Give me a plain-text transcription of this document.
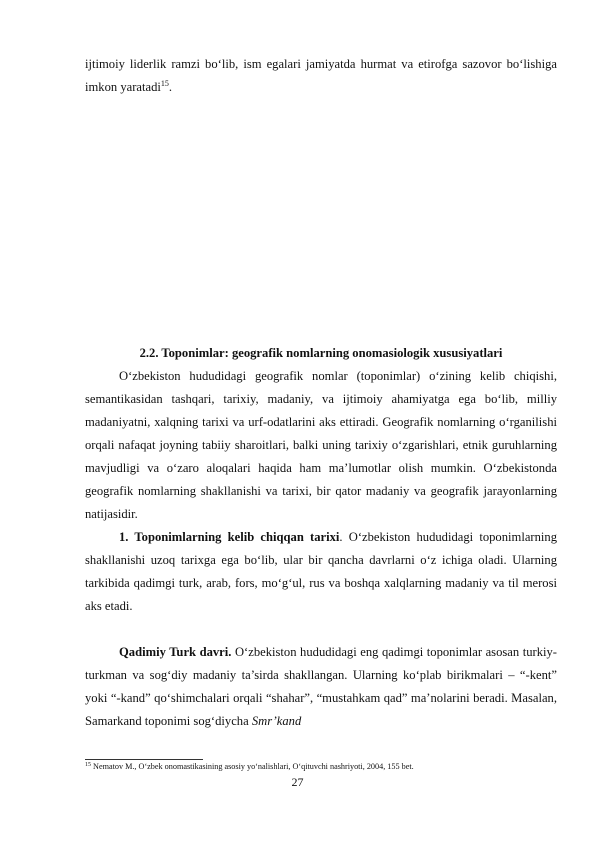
ijtimoiy liderlik ramzi bo‘lib, ism egalari jamiyatda hurmat va etirofga sazovor bo‘lishiga imkon yaratadi$^{15}$.

2.2. Toponimlar: geografik nomlarning onomasiologik xususiyatlari

O‘zbekiston hududidagi geografik nomlar (toponimlar) o‘zining kelib chiqishi, semantikasidan tashqari, tarixiy, madaniy, va ijtimoiy ahamiyatga ega bo‘lib, milliy madaniyatni, xalqning tarixi va urf-odatlarini aks ettiradi. Geografik nomlarning o‘rganilishi orqali nafaqat joyning tabiiy sharoitlari, balki uning tarixiy o‘zgarishlari, etnik guruhlarning mavjudligi va o‘zaro aloqalari haqida ham ma’lumotlar olish mumkin. O‘zbekistonda geografik nomlarning shakllanishi va tarixi, bir qator madaniy va geografik jarayonlarning natijasidir.

1. Toponimlarning kelib chiqqan tarixi. O‘zbekiston hududidagi toponimlarning shakllanishi uzoq tarixga ega bo‘lib, ular bir qancha davrlarni o‘z ichiga oladi. Ularning tarkibida qadimgi turk, arab, fors, mo‘g‘ul, rus va boshqa xalqlarning madaniy va til merosi aks etadi.

Qadimiy Turk davri. O‘zbekiston hududidagi eng qadimgi toponimlar asosan turkiy-turkman va sog‘diy madaniy ta’sirda shakllangan. Ularning ko‘plab birikmalari – “-kent” yoki “-kand” qo‘shimchalari orqali “shahar”, “mustahkam qad” ma’nolarini beradi. Masalan, Samarkand toponimi sog‘diycha Smr’kand

$^{15}$ Nematov M., O‘zbek onomastikasining asosiy yo‘nalishlari, O‘qituvchi nashriyoti, 2004, 155 bet.

27
